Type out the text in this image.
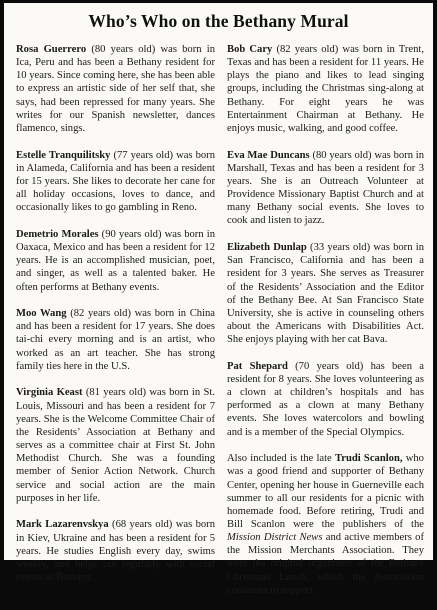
Who’s Who on the Bethany Mural

Rosa Guerrero (80 years old) was born in Ica, Peru and has been a Bethany resident for 10 years. Since coming here, she has been able to express an artistic side of her self that, she says, had been repressed for many years. She writes for our Spanish newsletter, dances flamenco, sings.

Estelle Tranquilitsky (77 years old) was born in Alameda, California and has been a resident for 15 years. She likes to decorate her cane for all holiday occasions, loves to dance, and occasionally likes to go gambling in Reno.

Demetrio Morales (90 years old) was born in Oaxaca, Mexico and has been a resident for 12 years. He is an accomplished musician, poet, and singer, as well as a talented baker. He often performs at Bethany events.

Moo Wang (82 years old) was born in China and has been a resident for 17 years. She does tai-chi every morning and is an artist, who worked as an art teacher. She has strong family ties here in the U.S.

Virginia Keast (81 years old) was born in St. Louis, Missouri and has been a resident for 7 years. She is the Welcome Committee Chair of the Residents’ Association at Bethany and serves as a committee chair at First St. John Methodist Church. She was a founding member of Senior Action Network. Church service and social action are the main purposes in her life.

Mark Lazarenvskya (68 years old) was born in Kiev, Ukraine and has been a resident for 5 years. He studies English every day, swims weekly, and helps out regularly with social events at Bethany.

Bob Cary (82 years old) was born in Trent, Texas and has been a resident for 11 years. He plays the piano and likes to lead singing groups, including the Christmas sing-along at Bethany. For eight years he was Entertainment Chairman at Bethany. He enjoys music, walking, and good coffee.

Eva Mae Duncans (80 years old) was born in Marshall, Texas and has been a resident for 3 years. She is an Outreach Volunteer at Providence Missionary Baptist Church and at many Bethany social events. She loves to cook and listen to jazz.

Elizabeth Dunlap (33 years old) was born in San Francisco, California and has been a resident for 3 years. She serves as Treasurer of the Residents’ Association and the Editor of the Bethany Bee. At San Francisco State University, she is active in counseling others about the Americans with Disabilities Act. She enjoys playing with her cat Bava.

Pat Shepard (70 years old) has been a resident for 8 years. She loves volunteering as a clown at children’s hospitals and has performed as a clown at many Bethany events. She loves watercolors and bowling and is a member of the Special Olympics.

Also included is the late Trudi Scanlon, who was a good friend and supporter of Bethany Center, opening her house in Guerneville each summer to all our residents for a picnic with homemade food. Before retiring, Trudi and Bill Scanlon were the publishers of the Mission District News and active members of the Mission Merchants Association. They were the original organizers of the Bethany Christmas Lunch, which the Association continues to support.
